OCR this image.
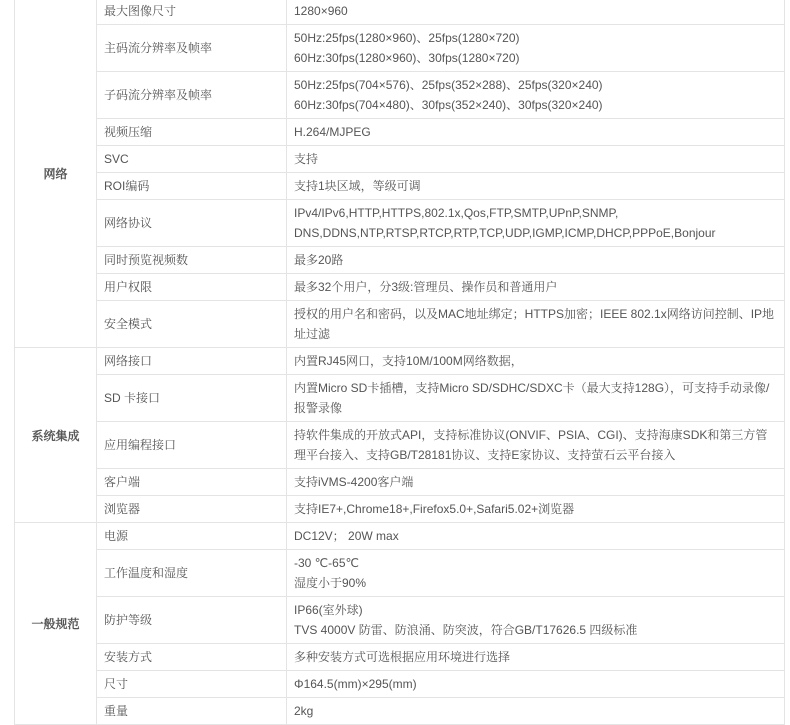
网络	最大图像尺寸	1280×960

	主码流分辨率及帧率	50Hz:25fps(1280×960)、25fps(1280×720)
60Hz:30fps(1280×960)、30fps(1280×720)

	子码流分辨率及帧率	50Hz:25fps(704×576)、25fps(352×288)、25fps(320×240)
60Hz:30fps(704×480)、30fps(352×240)、30fps(320×240)

	视频压缩	H.264/MJPEG

	SVC	支持

	ROI编码	支持1块区域，等级可调

	网络协议	IPv4/IPv6,HTTP,HTTPS,802.1x,Qos,FTP,SMTP,UPnP,SNMP,
DNS,DDNS,NTP,RTSP,RTCP,RTP,TCP,UDP,IGMP,ICMP,DHCP,PPPoE,Bonjour

	同时预览视频数	最多20路

	用户权限	最多32个用户，分3级:管理员、操作员和普通用户

	安全模式	授权的用户名和密码，以及MAC地址绑定；HTTPS加密；IEEE 802.1x网络访问控制、IP地址过滤

系统集成	网络接口	内置RJ45网口，支持10M/100M网络数据，

	SD 卡接口	内置Micro SD卡插槽，支持Micro SD/SDHC/SDXC卡（最大支持128G），可支持手动录像/报警录像

	应用编程接口	持软件集成的开放式API，支持标准协议(ONVIF、PSIA、CGI)、支持海康SDK和第三方管理平台接入、支持GB/T28181协议、支持E家协议、支持萤石云平台接入

	客户端	支持iVMS-4200客户端

	浏览器	支持IE7+,Chrome18+,Firefox5.0+,Safari5.02+浏览器

一般规范	电源	DC12V； 20W max

	工作温度和湿度	-30 ℃-65℃
湿度小于90%

	防护等级	IP66(室外球)
TVS 4000V 防雷、防浪涌、防突波，符合GB/T17626.5 四级标准

	安装方式	多种安装方式可选根据应用环境进行选择

	尺寸	Φ164.5(mm)×295(mm)

	重量	2kg
